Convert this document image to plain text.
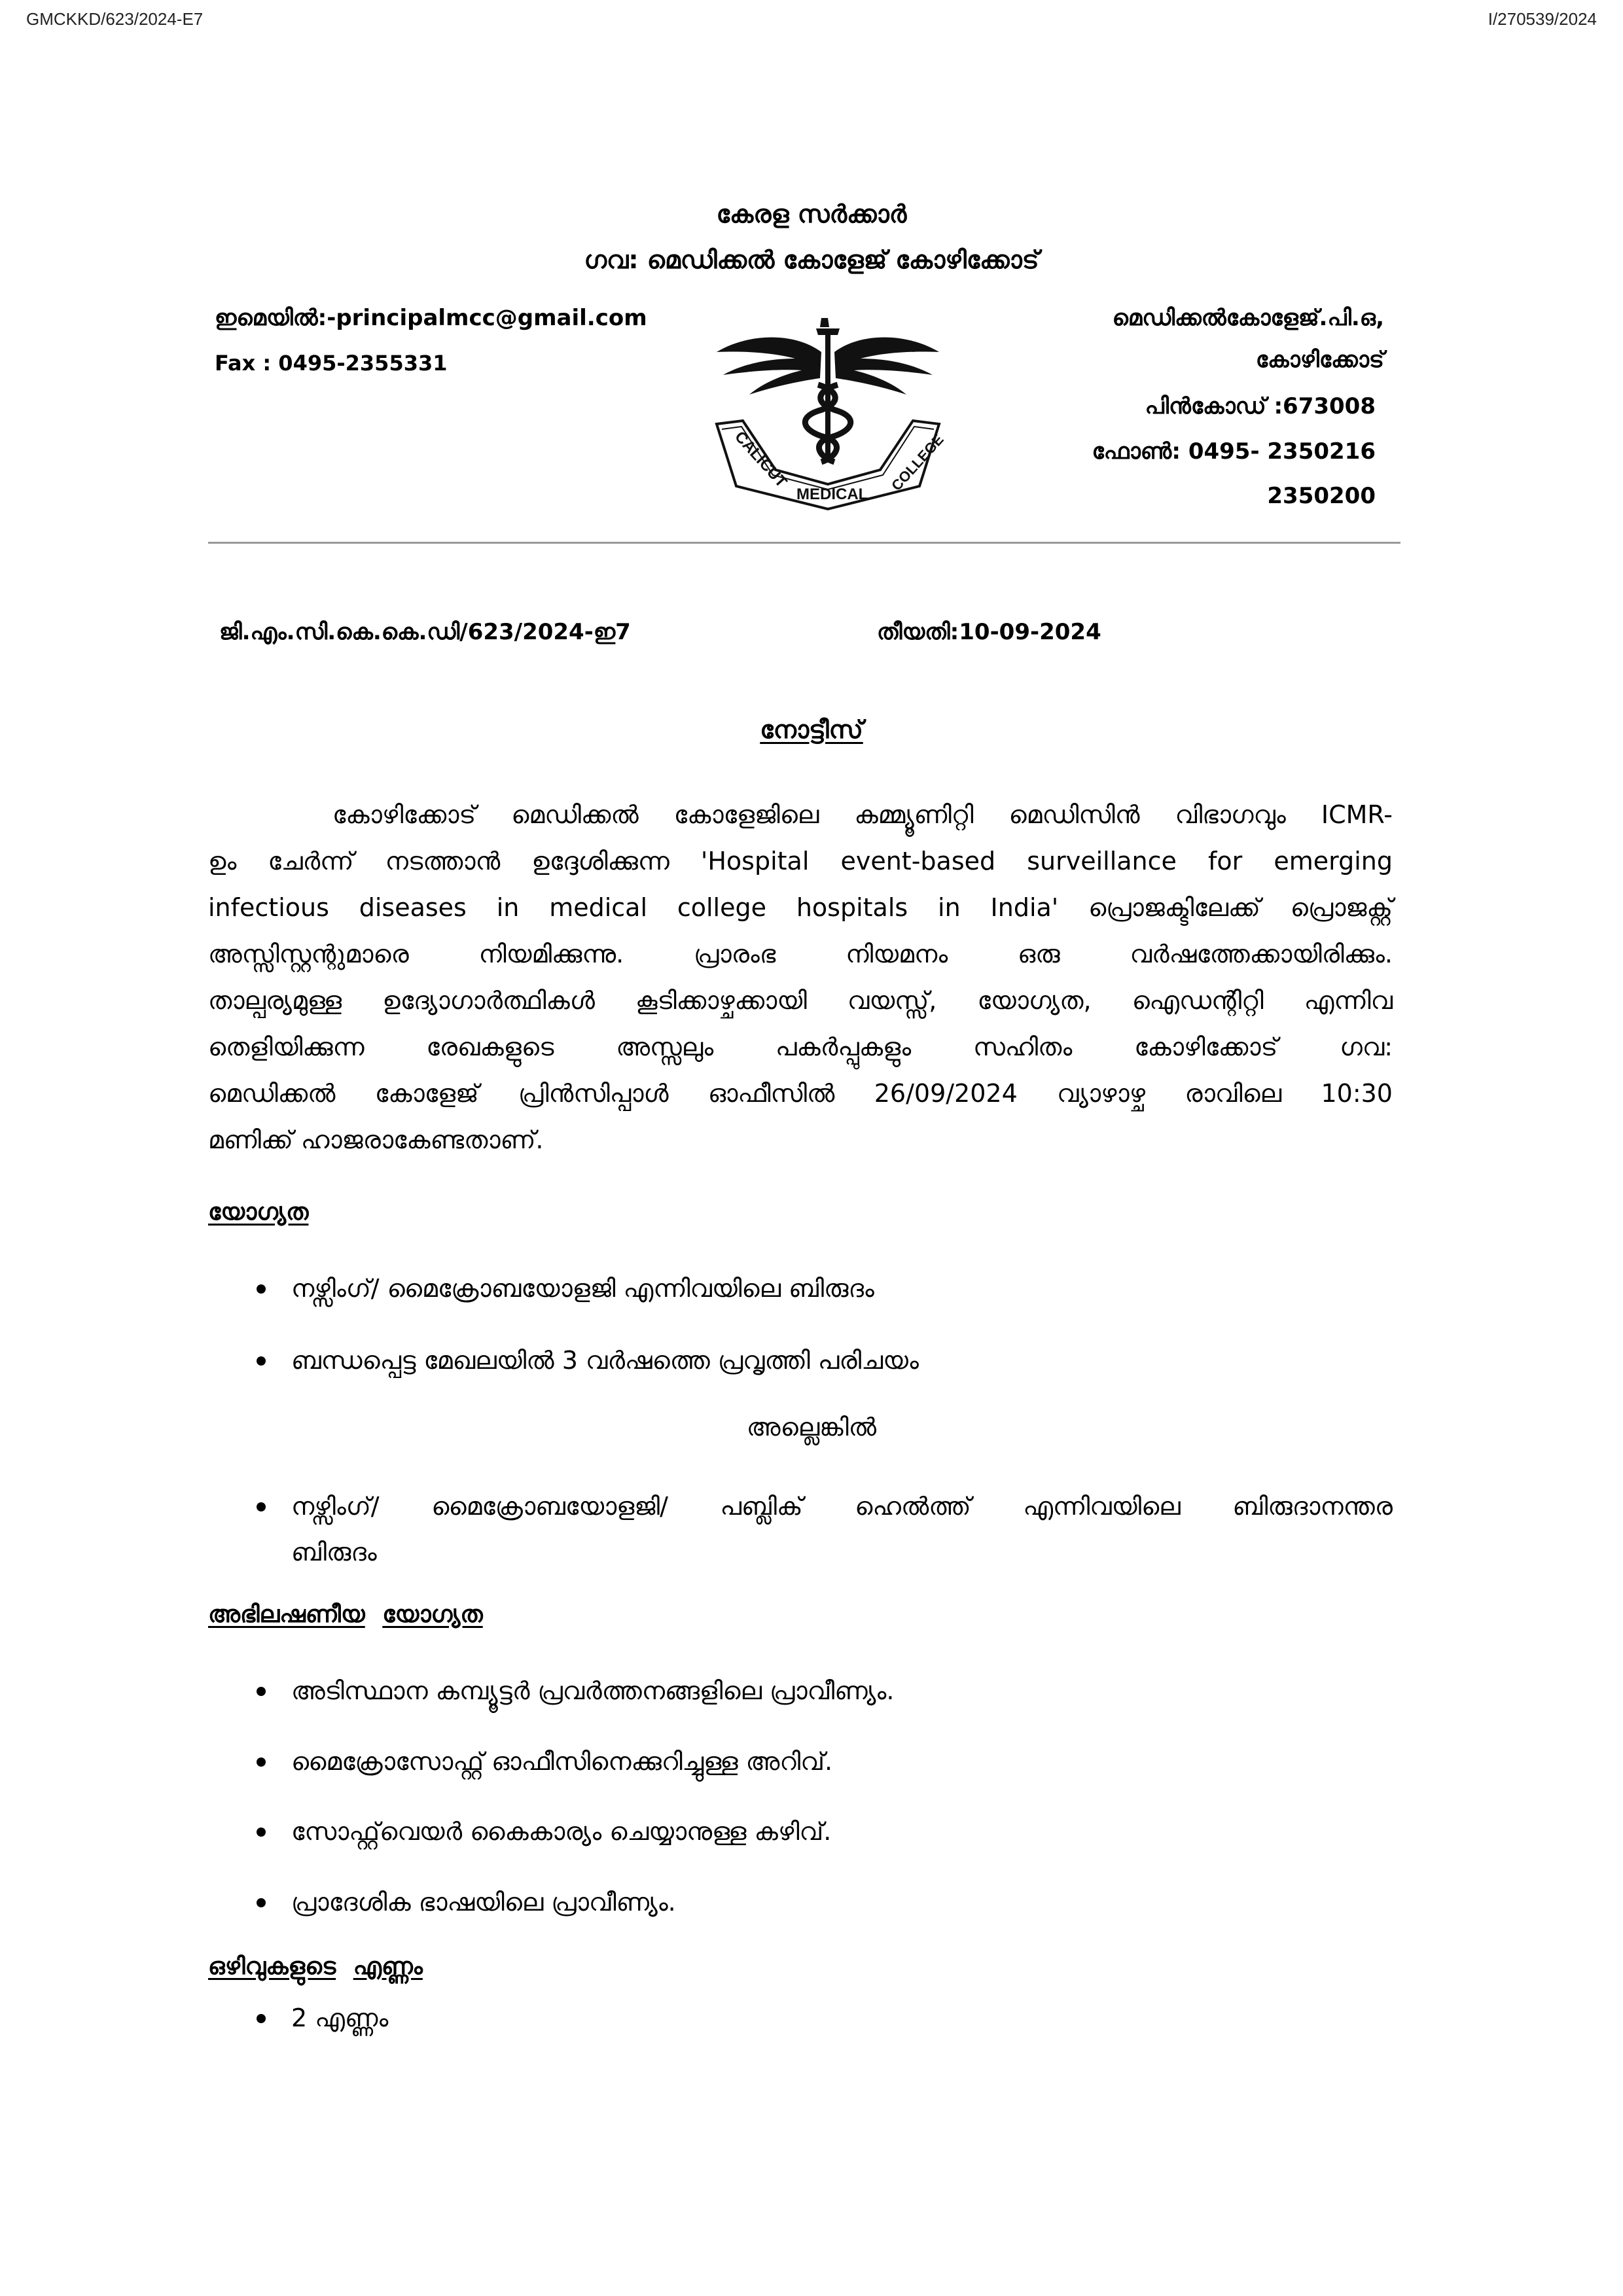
GMCKKD/623/2024-E7	I/270539/2024
കേരള സർക്കാർ
ഗവ: മെഡിക്കൽ കോളേജ് കോഴിക്കോട്
ഇമെയിൽ:-principalmcc@gmail.com
Fax : 0495-2355331
മെഡിക്കൽകോളേജ്.പി.ഒ,
കോഴിക്കോട്
പിൻകോഡ് :673008
ഫോൺ: 0495- 2350216
2350200
CALICUT
MEDICAL
COLLEGE
ജി.എം.സി.കെ.കെ.ഡി/623/2024-ഇ7	തീയതി:10-09-2024
നോട്ടീസ്
കോഴിക്കോട് മെഡിക്കൽ കോളേജിലെ കമ്മ്യൂണിറ്റി മെഡിസിൻ വിഭാഗവും ICMR-
ഉം ചേർന്ന് നടത്താൻ ഉദ്ദേശിക്കുന്ന 'Hospital event-based surveillance for emerging
infectious diseases in medical college hospitals in India' പ്രൊജക്ടിലേക്ക് പ്രൊജക്റ്റ്
അസ്സിസ്റ്റന്റുമാരെ നിയമിക്കുന്നു. പ്രാരംഭ നിയമനം ഒരു വർഷത്തേക്കായിരിക്കും.
താല്പര്യമുള്ള ഉദ്യോഗാർത്ഥികൾ കൂടിക്കാഴ്ചക്കായി വയസ്സ്, യോഗ്യത, ഐഡന്റിറ്റി എന്നിവ
തെളിയിക്കുന്ന രേഖകളുടെ അസ്സലും പകർപ്പുകളും സഹിതം കോഴിക്കോട് ഗവ:
മെഡിക്കൽ കോളേജ് പ്രിൻസിപ്പാൾ ഓഫീസിൽ 26/09/2024 വ്യാഴാഴ്ച രാവിലെ 10:30
മണിക്ക് ഹാജരാകേണ്ടതാണ്.
യോഗ്യത
നഴ്സിംഗ്/ മൈക്രോബയോളജി എന്നിവയിലെ ബിരുദം
ബന്ധപ്പെട്ട മേഖലയിൽ 3 വർഷത്തെ പ്രവൃത്തി പരിചയം
അല്ലെങ്കിൽ
നഴ്സിംഗ്/ മൈക്രോബയോളജി/ പബ്ലിക് ഹെൽത്ത് എന്നിവയിലെ ബിരുദാനന്തര
ബിരുദം
അഭിലഷണീയ യോഗ്യത
അടിസ്ഥാന കമ്പ്യൂട്ടർ പ്രവർത്തനങ്ങളിലെ പ്രാവീണ്യം.
മൈക്രോസോഫ്റ്റ് ഓഫീസിനെക്കുറിച്ചുള്ള അറിവ്.
സോഫ്റ്റ്‌വെയർ കൈകാര്യം ചെയ്യാനുള്ള കഴിവ്.
പ്രാദേശിക ഭാഷയിലെ പ്രാവീണ്യം.
ഒഴിവുകളുടെ എണ്ണം
2 എണ്ണം
